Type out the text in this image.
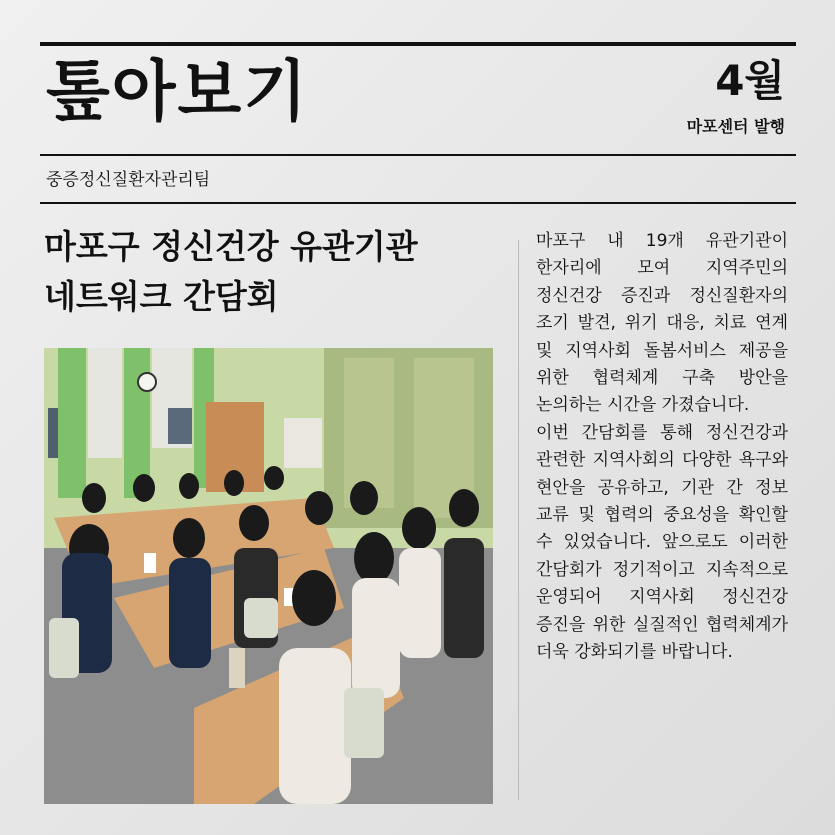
톺아보기	4월
마포센터 발행
중증정신질환자관리팀
마포구 정신건강 유관기관
네트워크 간담회

마포구 내 19개 유관기관이 한자리에 모여 지역주민의 정신건강 증진과 정신질환자의 조기 발견, 위기 대응, 치료 연계 및 지역사회 돌봄서비스 제공을 위한 협력체계 구축 방안을 논의하는 시간을 가졌습니다.

이번 간담회를 통해 정신건강과 관련한 지역사회의 다양한 욕구와 현안을 공유하고, 기관 간 정보 교류 및 협력의 중요성을 확인할 수 있었습니다. 앞으로도 이러한 간담회가 정기적이고 지속적으로 운영되어 지역사회 정신건강 증진을 위한 실질적인 협력체계가 더욱 강화되기를 바랍니다.
